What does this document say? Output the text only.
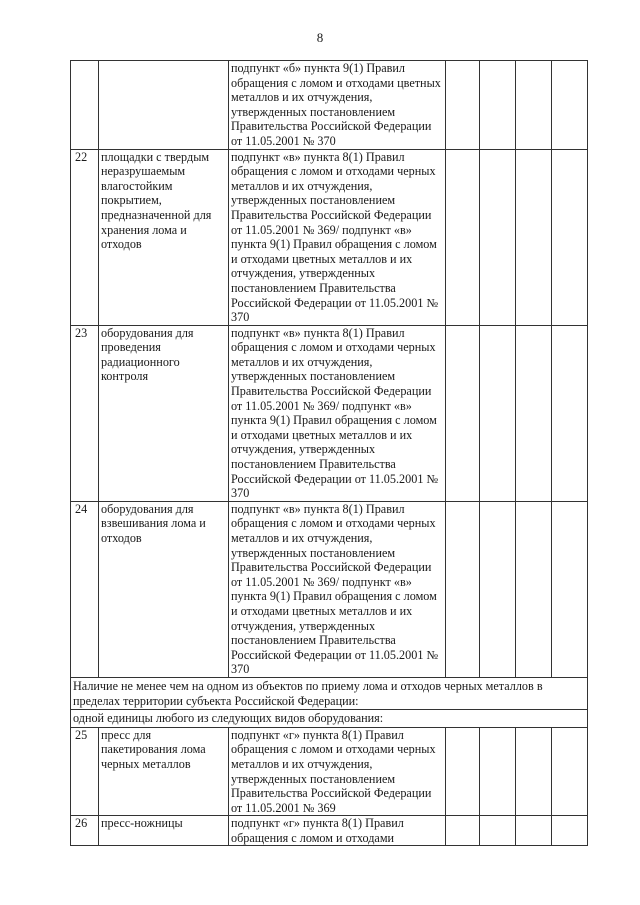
8
		подпункт «б» пункта 9(1) Правил обращения с ломом и отходами цветных металлов и их отчуждения, утвержденных постановлением Правительства Российской Федерации от 11.05.2001 № 370				
22	площадки с твердым неразрушаемым влагостойким покрытием, предназначенной для хранения лома и отходов	подпункт «в» пункта 8(1) Правил обращения с ломом и отходами черных металлов и их отчуждения, утвержденных постановлением Правительства Российской Федерации от 11.05.2001 № 369/ подпункт «в» пункта 9(1) Правил обращения с ломом и отходами цветных металлов и их отчуждения, утвержденных постановлением Правительства Российской Федерации от 11.05.2001 № 370				
23	оборудования для проведения радиационного контроля	подпункт «в» пункта 8(1) Правил обращения с ломом и отходами черных металлов и их отчуждения, утвержденных постановлением Правительства Российской Федерации от 11.05.2001 № 369/ подпункт «в» пункта 9(1) Правил обращения с ломом и отходами цветных металлов и их отчуждения, утвержденных постановлением Правительства Российской Федерации от 11.05.2001 № 370				
24	оборудования для взвешивания лома и отходов	подпункт «в» пункта 8(1) Правил обращения с ломом и отходами черных металлов и их отчуждения, утвержденных постановлением Правительства Российской Федерации от 11.05.2001 № 369/ подпункт «в» пункта 9(1) Правил обращения с ломом и отходами цветных металлов и их отчуждения, утвержденных постановлением Правительства Российской Федерации от 11.05.2001 № 370				
Наличие не менее чем на одном из объектов по приему лома и отходов черных металлов в пределах территории субъекта Российской Федерации:						
одной единицы любого из следующих видов оборудования:						
25	пресс для пакетирования лома черных металлов	подпункт «г» пункта 8(1) Правил обращения с ломом и отходами черных металлов и их отчуждения, утвержденных постановлением Правительства Российской Федерации от 11.05.2001 № 369				
26	пресс-ножницы	подпункт «г» пункта 8(1) Правил обращения с ломом и отходами				
